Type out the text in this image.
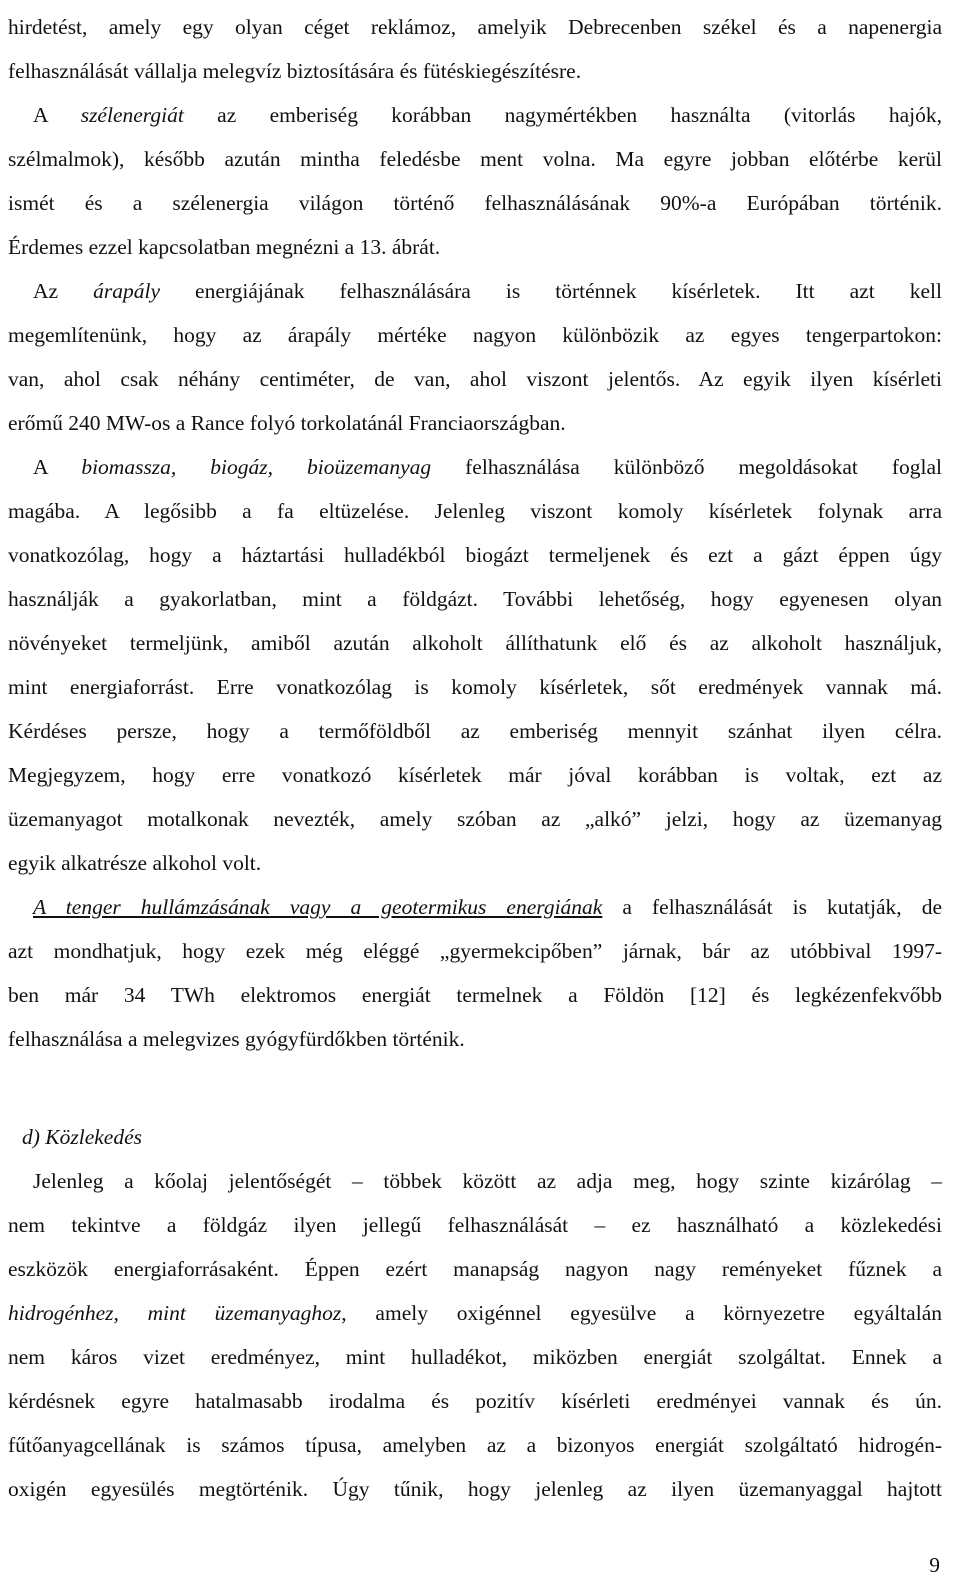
hirdetést, amely egy olyan céget reklámoz, amelyik Debrecenben székel és a napenergia
felhasználását vállalja melegvíz biztosítására és fütéskiegészítésre.
A szélenergiát az emberiség korábban nagymértékben használta (vitorlás hajók,
szélmalmok), később azután mintha feledésbe ment volna. Ma egyre jobban előtérbe kerül
ismét és a szélenergia világon történő felhasználásának 90%-a Európában történik.
Érdemes ezzel kapcsolatban megnézni a 13. ábrát.
Az árapály energiájának felhasználására is történnek kísérletek. Itt azt kell
megemlítenünk, hogy az árapály mértéke nagyon különbözik az egyes tengerpartokon:
van, ahol csak néhány centiméter, de van, ahol viszont jelentős. Az egyik ilyen kísérleti
erőmű 240 MW-os a Rance folyó torkolatánál Franciaországban.
A biomassza, biogáz, bioüzemanyag felhasználása különböző megoldásokat foglal
magába. A legősibb a fa eltüzelése. Jelenleg viszont komoly kísérletek folynak arra
vonatkozólag, hogy a háztartási hulladékból biogázt termeljenek és ezt a gázt éppen úgy
használják a gyakorlatban, mint a földgázt. További lehetőség, hogy egyenesen olyan
növényeket termeljünk, amiből azután alkoholt állíthatunk elő és az alkoholt használjuk,
mint energiaforrást. Erre vonatkozólag is komoly kísérletek, sőt eredmények vannak má.
Kérdéses persze, hogy a termőföldből az emberiség mennyit szánhat ilyen célra.
Megjegyzem, hogy erre vonatkozó kísérletek már jóval korábban is voltak, ezt az
üzemanyagot motalkonak nevezték, amely szóban az „alkó” jelzi, hogy az üzemanyag
egyik alkatrésze alkohol volt.
A tenger hullámzásának vagy a geotermikus energiának a felhasználását is kutatják, de
azt mondhatjuk, hogy ezek még eléggé „gyermekcipőben” járnak, bár az utóbbival 1997-
ben már 34 TWh elektromos energiát termelnek a Földön [12] és legkézenfekvőbb
felhasználása a melegvizes gyógyfürdőkben történik.
d) Közlekedés
Jelenleg a kőolaj jelentőségét – többek között az adja meg, hogy szinte kizárólag –
nem tekintve a földgáz ilyen jellegű felhasználását – ez használható a közlekedési
eszközök energiaforrásaként. Éppen ezért manapság nagyon nagy reményeket fűznek a
hidrogénhez, mint üzemanyaghoz, amely oxigénnel egyesülve a környezetre egyáltalán
nem káros vizet eredményez, mint hulladékot, miközben energiát szolgáltat. Ennek a
kérdésnek egyre hatalmasabb irodalma és pozitív kísérleti eredményei vannak és ún.
fűtőanyagcellának is számos típusa, amelyben az a bizonyos energiát szolgáltató hidrogén-
oxigén egyesülés megtörténik. Úgy tűnik, hogy jelenleg az ilyen üzemanyaggal hajtott
9
